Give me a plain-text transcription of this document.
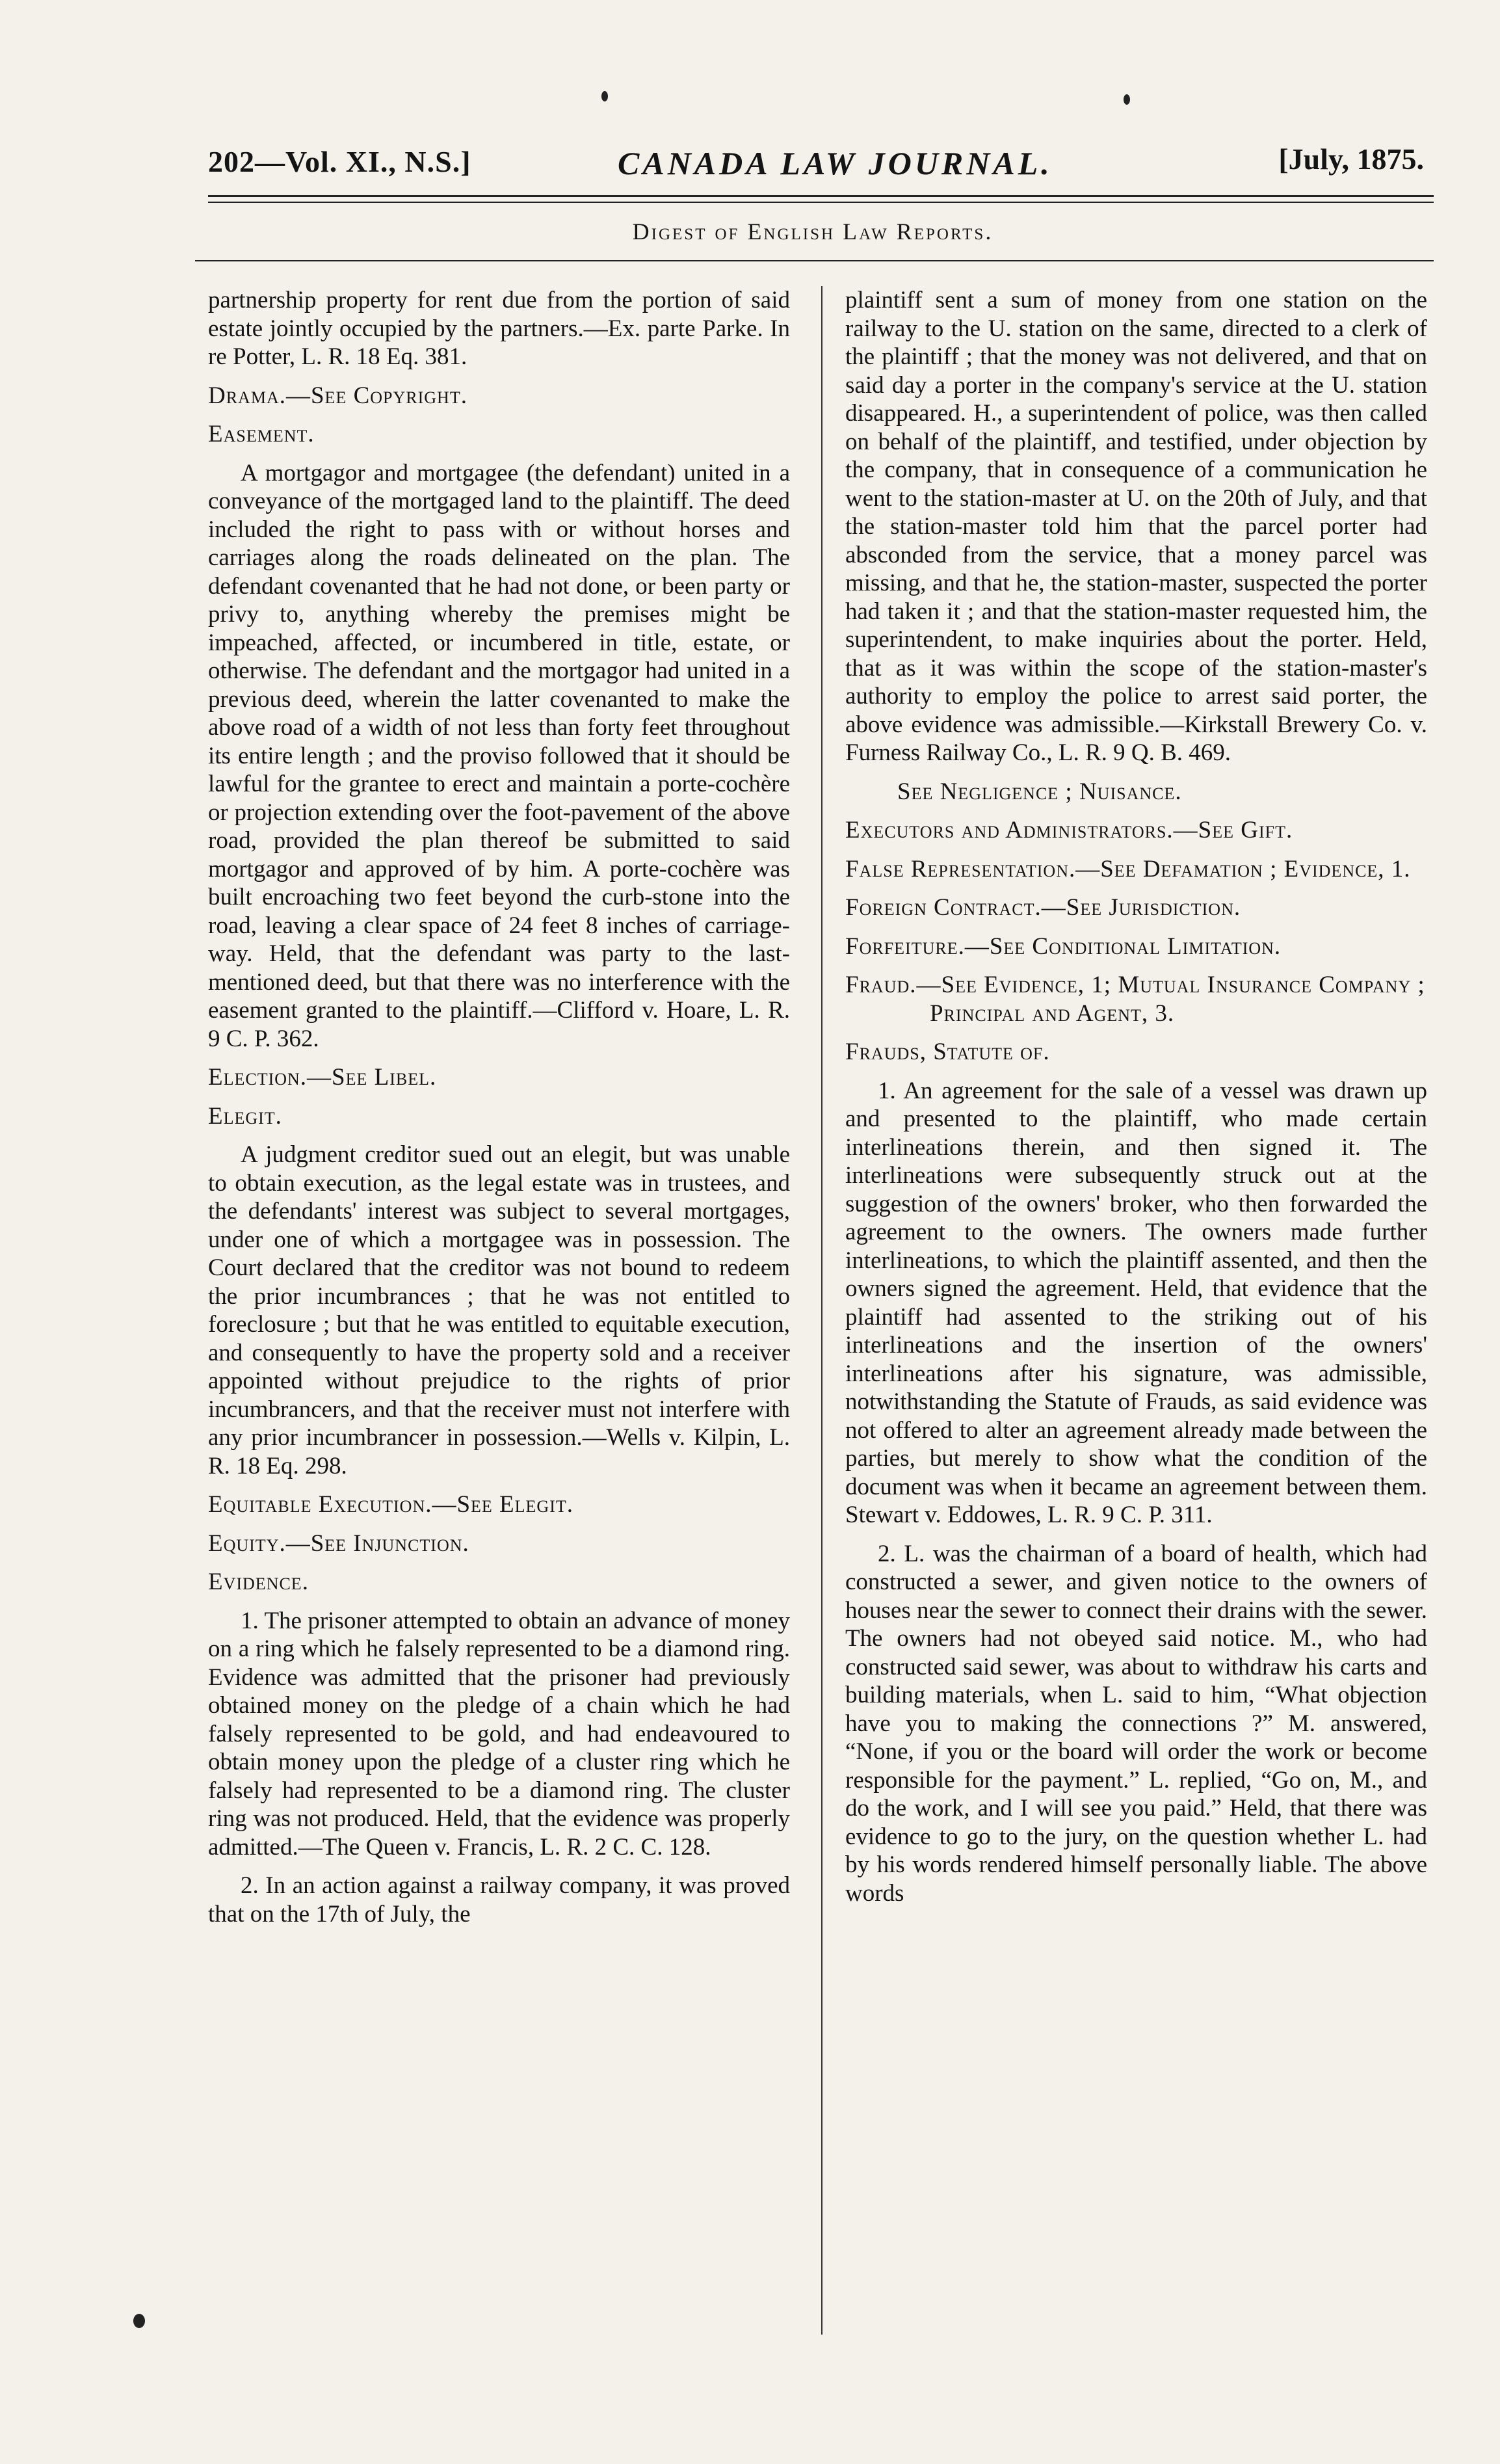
202—Vol. XI., N.S.]	CANADA LAW JOURNAL.	[July, 1875.
Digest of English Law Reports.

partnership property for rent due from the portion of said estate jointly occupied by the partners.—Ex. parte Parke. In re Potter, L. R. 18 Eq. 381.

Drama.—See Copyright.

Easement.

A mortgagor and mortgagee (the defendant) united in a conveyance of the mortgaged land to the plaintiff. The deed included the right to pass with or without horses and carriages along the roads delineated on the plan. The defendant covenanted that he had not done, or been party or privy to, anything whereby the premises might be impeached, affected, or incumbered in title, estate, or otherwise. The defendant and the mortgagor had united in a previous deed, wherein the latter covenanted to make the above road of a width of not less than forty feet throughout its entire length ; and the proviso followed that it should be lawful for the grantee to erect and maintain a porte-cochère or projection extending over the foot-pavement of the above road, provided the plan thereof be submitted to said mortgagor and approved of by him. A porte-cochère was built encroaching two feet beyond the curb-stone into the road, leaving a clear space of 24 feet 8 inches of carriage-way. Held, that the defendant was party to the last-mentioned deed, but that there was no interference with the easement granted to the plaintiff.—Clifford v. Hoare, L. R. 9 C. P. 362.

Election.—See Libel.

Elegit.

A judgment creditor sued out an elegit, but was unable to obtain execution, as the legal estate was in trustees, and the defendants' interest was subject to several mortgages, under one of which a mortgagee was in possession. The Court declared that the creditor was not bound to redeem the prior incumbrances ; that he was not entitled to foreclosure ; but that he was entitled to equitable execution, and consequently to have the property sold and a receiver appointed without prejudice to the rights of prior incumbrancers, and that the receiver must not interfere with any prior incumbrancer in possession.—Wells v. Kilpin, L. R. 18 Eq. 298.

Equitable Execution.—See Elegit.

Equity.—See Injunction.

Evidence.

1. The prisoner attempted to obtain an advance of money on a ring which he falsely represented to be a diamond ring. Evidence was admitted that the prisoner had previously obtained money on the pledge of a chain which he had falsely represented to be gold, and had endeavoured to obtain money upon the pledge of a cluster ring which he falsely had represented to be a diamond ring. The cluster ring was not produced. Held, that the evidence was properly admitted.—The Queen v. Francis, L. R. 2 C. C. 128.

2. In an action against a railway company, it was proved that on the 17th of July, the

plaintiff sent a sum of money from one station on the railway to the U. station on the same, directed to a clerk of the plaintiff ; that the money was not delivered, and that on said day a porter in the company's service at the U. station disappeared. H., a superintendent of police, was then called on behalf of the plaintiff, and testified, under objection by the company, that in consequence of a communication he went to the station-master at U. on the 20th of July, and that the station-master told him that the parcel porter had absconded from the service, that a money parcel was missing, and that he, the station-master, suspected the porter had taken it ; and that the station-master requested him, the superintendent, to make inquiries about the porter. Held, that as it was within the scope of the station-master's authority to employ the police to arrest said porter, the above evidence was admissible.—Kirkstall Brewery Co. v. Furness Railway Co., L. R. 9 Q. B. 469.

See Negligence ; Nuisance.

Executors and Administrators.—See Gift.

False Representation.—See Defamation ; Evidence, 1.

Foreign Contract.—See Jurisdiction.

Forfeiture.—See Conditional Limitation.

Fraud.—See Evidence, 1; Mutual Insurance Company ; Principal and Agent, 3.

Frauds, Statute of.

1. An agreement for the sale of a vessel was drawn up and presented to the plaintiff, who made certain interlineations therein, and then signed it. The interlineations were subsequently struck out at the suggestion of the owners' broker, who then forwarded the agreement to the owners. The owners made further interlineations, to which the plaintiff assented, and then the owners signed the agreement. Held, that evidence that the plaintiff had assented to the striking out of his interlineations and the insertion of the owners' interlineations after his signature, was admissible, notwithstanding the Statute of Frauds, as said evidence was not offered to alter an agreement already made between the parties, but merely to show what the condition of the document was when it became an agreement between them. Stewart v. Eddowes, L. R. 9 C. P. 311.

2. L. was the chairman of a board of health, which had constructed a sewer, and given notice to the owners of houses near the sewer to connect their drains with the sewer. The owners had not obeyed said notice. M., who had constructed said sewer, was about to withdraw his carts and building materials, when L. said to him, “What objection have you to making the connections ?” M. answered, “None, if you or the board will order the work or become responsible for the payment.” L. replied, “Go on, M., and do the work, and I will see you paid.” Held, that there was evidence to go to the jury, on the question whether L. had by his words rendered himself personally liable. The above words
